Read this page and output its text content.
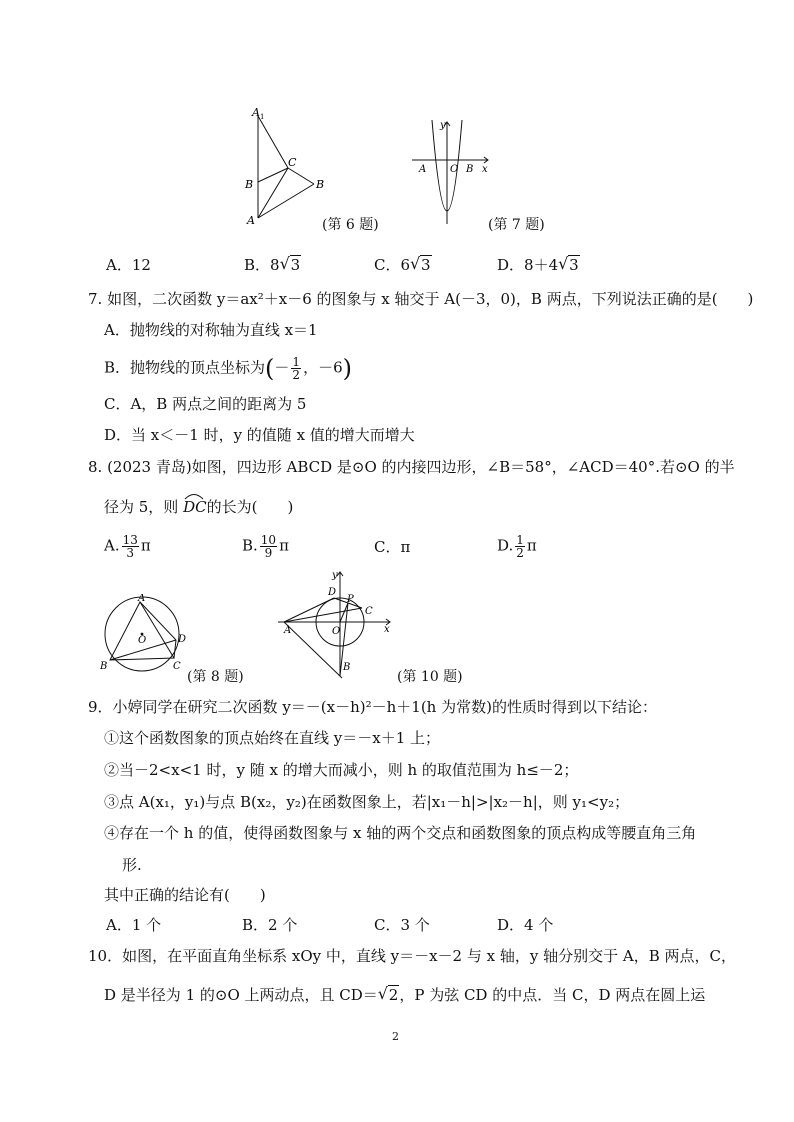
A 1
C
B	B
A	(第 6 题)
y
A O B x
(第 7 题)
A．12	B．8 √ 3	C．6 √ 3	D．8＋4 √ 3
7. 如图，二次函数 y＝ax²＋x－6 的图象与 x 轴交于 A(－3，0)，B 两点，下列说法正确的是(　　)
A．抛物线的对称轴为直线 x＝1
B．抛物线的顶点坐标为(－ $\frac{1}{2}$ ，－6)
C．A，B 两点之间的距离为 5
D．当 x＜－1 时，y 的值随 x 值的增大而增大
8. (2023 青岛)如图，四边形 ABCD 是⊙O 的内接四边形，∠B＝58°，∠ACD＝40°.若⊙O 的半
径为 5，则 DC的长为(　　)
A. $\frac{13}{3}$ π	B. $\frac{10}{9}$ π	C．π	D. $\frac{1}{2}$ π
A
D
C
B
O
(第 8 题)
y
D
P
C
A	O	x
B
(第 10 题)
9．小婷同学在研究二次函数 y＝－(x－h)²－h＋1(h 为常数)的性质时得到以下结论：
①这个函数图象的顶点始终在直线 y＝－x＋1 上；
②当－2<x<1 时，y 随 x 的增大而减小，则 h 的取值范围为 h≤－2；
③点 A(x₁，y₁)与点 B(x₂，y₂)在函数图象上，若|x₁－h|>|x₂－h|，则 y₁<y₂；
④存在一个 h 的值，使得函数图象与 x 轴的两个交点和函数图象的顶点构成等腰直角三角
形.
其中正确的结论有(　　)
A．1 个	B．2 个	C．3 个	D．4 个
10．如图，在平面直角坐标系 xOy 中，直线 y＝－x－2 与 x 轴，y 轴分别交于 A，B 两点，C，
D 是半径为 1 的⊙O 上两动点，且 CD＝ √ 2，P 为弦 CD 的中点．当 C，D 两点在圆上运
2
